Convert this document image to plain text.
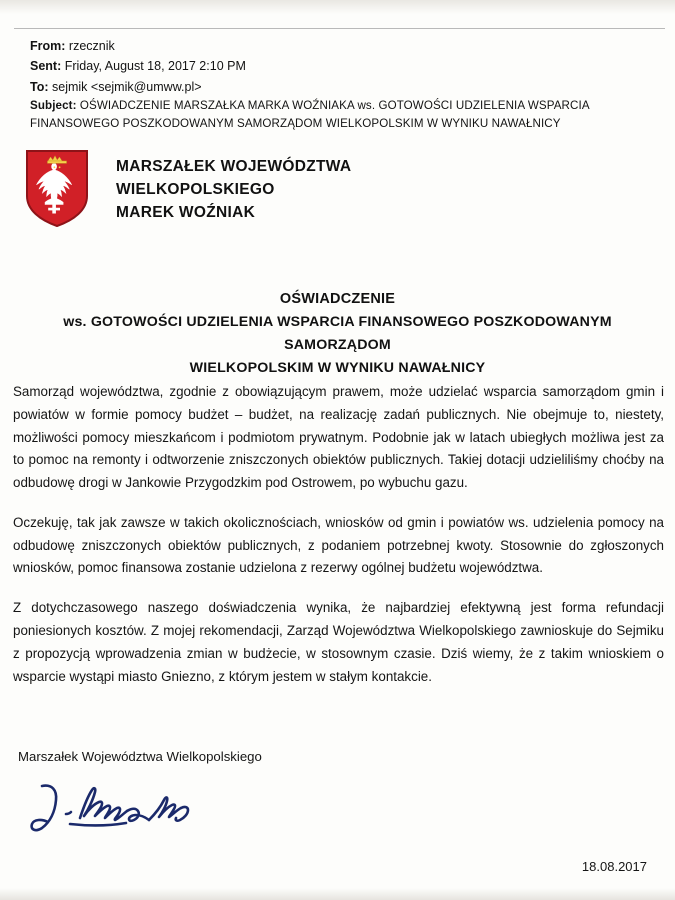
From: rzecznik
Sent: Friday, August 18, 2017 2:10 PM
To: sejmik <sejmik@umww.pl>
Subject: OŚWIADCZENIE MARSZAŁKA MARKA WOŹNIAKA ws. GOTOWOŚCI UDZIELENIA WSPARCIA FINANSOWEGO POSZKODOWANYM SAMORZĄDOM WIELKOPOLSKIM W WYNIKU NAWAŁNICY
MARSZAŁEK WOJEWÓDZTWA
WIELKOPOLSKIEGO
MAREK WOŹNIAK
OŚWIADCZENIE
ws. GOTOWOŚCI UDZIELENIA WSPARCIA FINANSOWEGO POSZKODOWANYM SAMORZĄDOM
WIELKOPOLSKIM W WYNIKU NAWAŁNICY

Samorząd województwa, zgodnie z obowiązującym prawem, może udzielać wsparcia samorządom gmin i powiatów w formie pomocy budżet – budżet, na realizację zadań publicznych. Nie obejmuje to, niestety, możliwości pomocy mieszkańcom i podmiotom prywatnym. Podobnie jak w latach ubiegłych możliwa jest za to pomoc na remonty i odtworzenie zniszczonych obiektów publicznych. Takiej dotacji udzieliliśmy choćby na odbudowę drogi w Jankowie Przygodzkim pod Ostrowem, po wybuchu gazu.

Oczekuję, tak jak zawsze w takich okolicznościach, wniosków od gmin i powiatów ws. udzielenia pomocy na odbudowę zniszczonych obiektów publicznych, z podaniem potrzebnej kwoty. Stosownie do zgłoszonych wniosków, pomoc finansowa zostanie udzielona z rezerwy ogólnej budżetu województwa.

Z dotychczasowego naszego doświadczenia wynika, że najbardziej efektywną jest forma refundacji poniesionych kosztów. Z mojej rekomendacji, Zarząd Województwa Wielkopolskiego zawnioskuje do Sejmiku z propozycją wprowadzenia zmian w budżecie, w stosownym czasie. Dziś wiemy, że z takim wnioskiem o wsparcie wystąpi miasto Gniezno, z którym jestem w stałym kontakcie.

Marszałek Województwa Wielkopolskiego
18.08.2017
